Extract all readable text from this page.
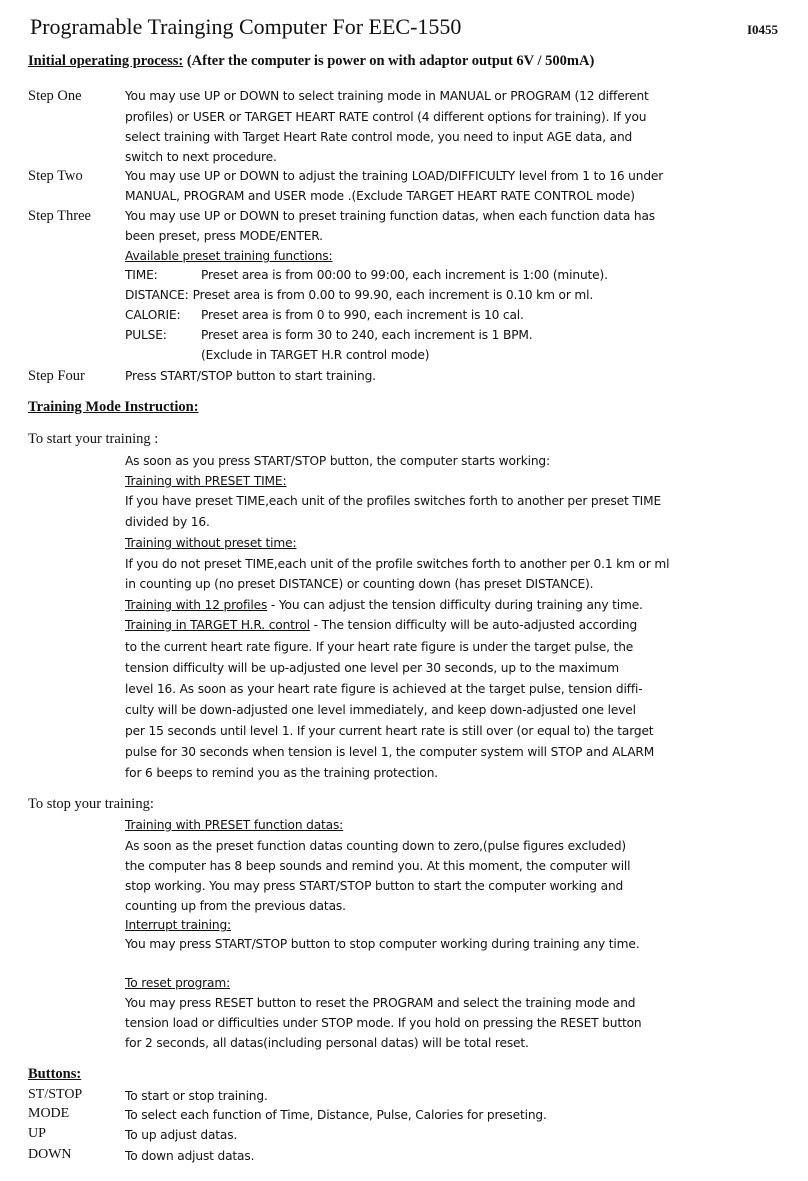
Programable Trainging Computer For EEC-1550	I0455
Initial operating process: (After the computer is power on with adaptor output 6V / 500mA)
Step One	You may use UP or DOWN to select training mode in MANUAL or PROGRAM (12 different
profiles) or USER or TARGET HEART RATE control (4 different options for training). If you
select training with Target Heart Rate control mode, you need to input AGE data, and
switch to next procedure.
Step Two	You may use UP or DOWN to adjust the training LOAD/DIFFICULTY level from 1 to 16 under
MANUAL, PROGRAM and USER mode .(Exclude TARGET HEART RATE CONTROL mode)
Step Three	You may use UP or DOWN to preset training function datas, when each function data has
been preset, press MODE/ENTER.
Available preset training functions:
TIME:	Preset area is from 00:00 to 99:00, each increment is 1:00 (minute).
DISTANCE: Preset area is from 0.00 to 99.90, each increment is 0.10 km or ml.
CALORIE: Preset area is from 0 to 990, each increment is 10 cal.
PULSE:	Preset area is form 30 to 240, each increment is 1 BPM.
(Exclude in TARGET H.R control mode)
Step Four	Press START/STOP button to start training.
Training Mode Instruction:
To start your training :
As soon as you press START/STOP button, the computer starts working:
Training with PRESET TIME:
If you have preset TIME,each unit of the profiles switches forth to another per preset TIME
divided by 16.
Training without preset time:
If you do not preset TIME,each unit of the profile switches forth to another per 0.1 km or ml
in counting up (no preset DISTANCE) or counting down (has preset DISTANCE).
Training with 12 profiles - You can adjust the tension difficulty during training any time.
Training in TARGET H.R. control - The tension difficulty will be auto-adjusted according
to the current heart rate figure. If your heart rate figure is under the target pulse, the
tension difficulty will be up-adjusted one level per 30 seconds, up to the maximum
level 16. As soon as your heart rate figure is achieved at the target pulse, tension diffi-
culty will be down-adjusted one level immediately, and keep down-adjusted one level
per 15 seconds until level 1. If your current heart rate is still over (or equal to) the target
pulse for 30 seconds when tension is level 1, the computer system will STOP and ALARM
for 6 beeps to remind you as the training protection.
To stop your training:
Training with PRESET function datas:
As soon as the preset function datas counting down to zero,(pulse figures excluded)
the computer has 8 beep sounds and remind you. At this moment, the computer will
stop working. You may press START/STOP button to start the computer working and
counting up from the previous datas.
Interrupt training:
You may press START/STOP button to stop computer working during training any time.
To reset program:
You may press RESET button to reset the PROGRAM and select the training mode and
tension load or difficulties under STOP mode. If you hold on pressing the RESET button
for 2 seconds, all datas(including personal datas) will be total reset.
Buttons:
ST/STOP	To start or stop training.
MODE	To select each function of Time, Distance, Pulse, Calories for preseting.
UP	To up adjust datas.
DOWN	To down adjust datas.
